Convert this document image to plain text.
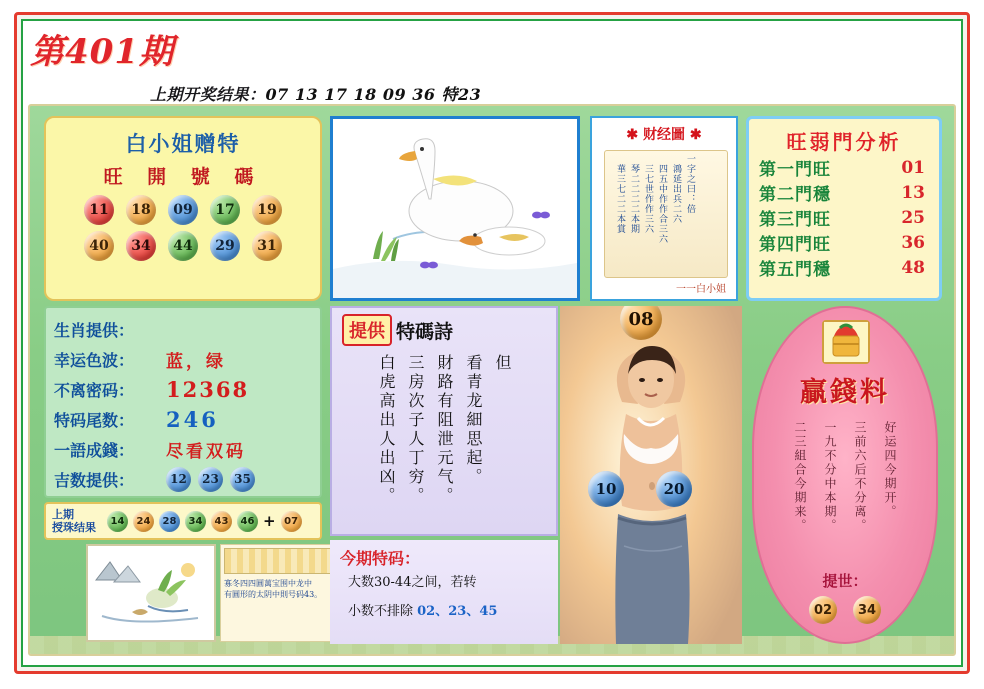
第401期
上期开奖结果：07 13 17 18 09 36 特23
白小姐赠特
旺 開 號 碼
11	18	09	17	19
40	34	44	29	31
生肖提供：
幸运色波：	蓝，绿
不离密码：	12368
特码尾数：	246
一語成錢：	尽看双码
吉数提供：	12	23	35
上期
授珠结果	14	24	28	34	43	46 + 07
寡冬四四圓萬宝围中龙中
有圓形的太阴中則号码43。
✱ 财经圖 ✱
一字之曰：倍
鴻延出兵二六
四五中作作合三六
三七世作作三六
琴二二二二本期
華三七二二本賞
一一白小姐
旺弱門分析
第一門旺	01
第二門穩	13
第三門旺	25
第四門旺	36
第五門穩	48
提供 特碼詩
但
看青龙細思起。
財路有阻泄元气。
三房次子人丁穷。
白虎高出人出凶。
今期特码：
大数30-44之间，若转
小数不排除 02、23、45
08
10	20
贏錢料
好运四今期开。
三前六后不分离。
一九不分中本期。
二三組合今期来。
提世：
02	34
